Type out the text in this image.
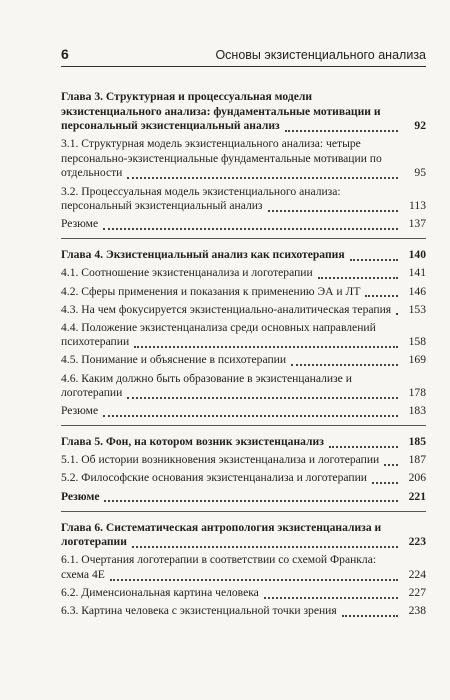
6	Основы экзистенциального анализа
Глава 3. Структурная и процессуальная модели экзистенциального анализа: фундаментальные мотивации и персональный экзистенциальный анализ	92
3.1. Структурная модель экзистенциального анализа: четыре персонально-экзистенциальные фундаментальные мотивации по отдельности	95
3.2. Процессуальная модель экзистенциального анализа: персональный экзистенциальный анализ	113
Резюме	137
Глава 4. Экзистенциальный анализ как психотерапия	140
4.1. Соотношение экзистенцанализа и логотерапии	141
4.2. Сферы применения и показания к применению ЭА и ЛТ	146
4.3. На чем фокусируется экзистенциально-аналитическая терапия 153
4.4. Положение экзистенцанализа среди основных направлений психотерапии	158
4.5. Понимание и объяснение в психотерапии	169
4.6. Каким должно быть образование в экзистенцанализе и логотерапии	178
Резюме	183
Глава 5. Фон, на котором возник экзистенцанализ	185
5.1. Об истории возникновения экзистенцанализа и логотерапии	187
5.2. Философские основания экзистенцанализа и логотерапии	206
Резюме	221
Глава 6. Систематическая антропология экзистенцанализа и логотерапии	223
6.1. Очертания логотерапии в соответствии со схемой Франкла: схема 4Е	224
6.2. Дименсиональная картина человека	227
6.3. Картина человека с экзистенциальной точки зрения	238
